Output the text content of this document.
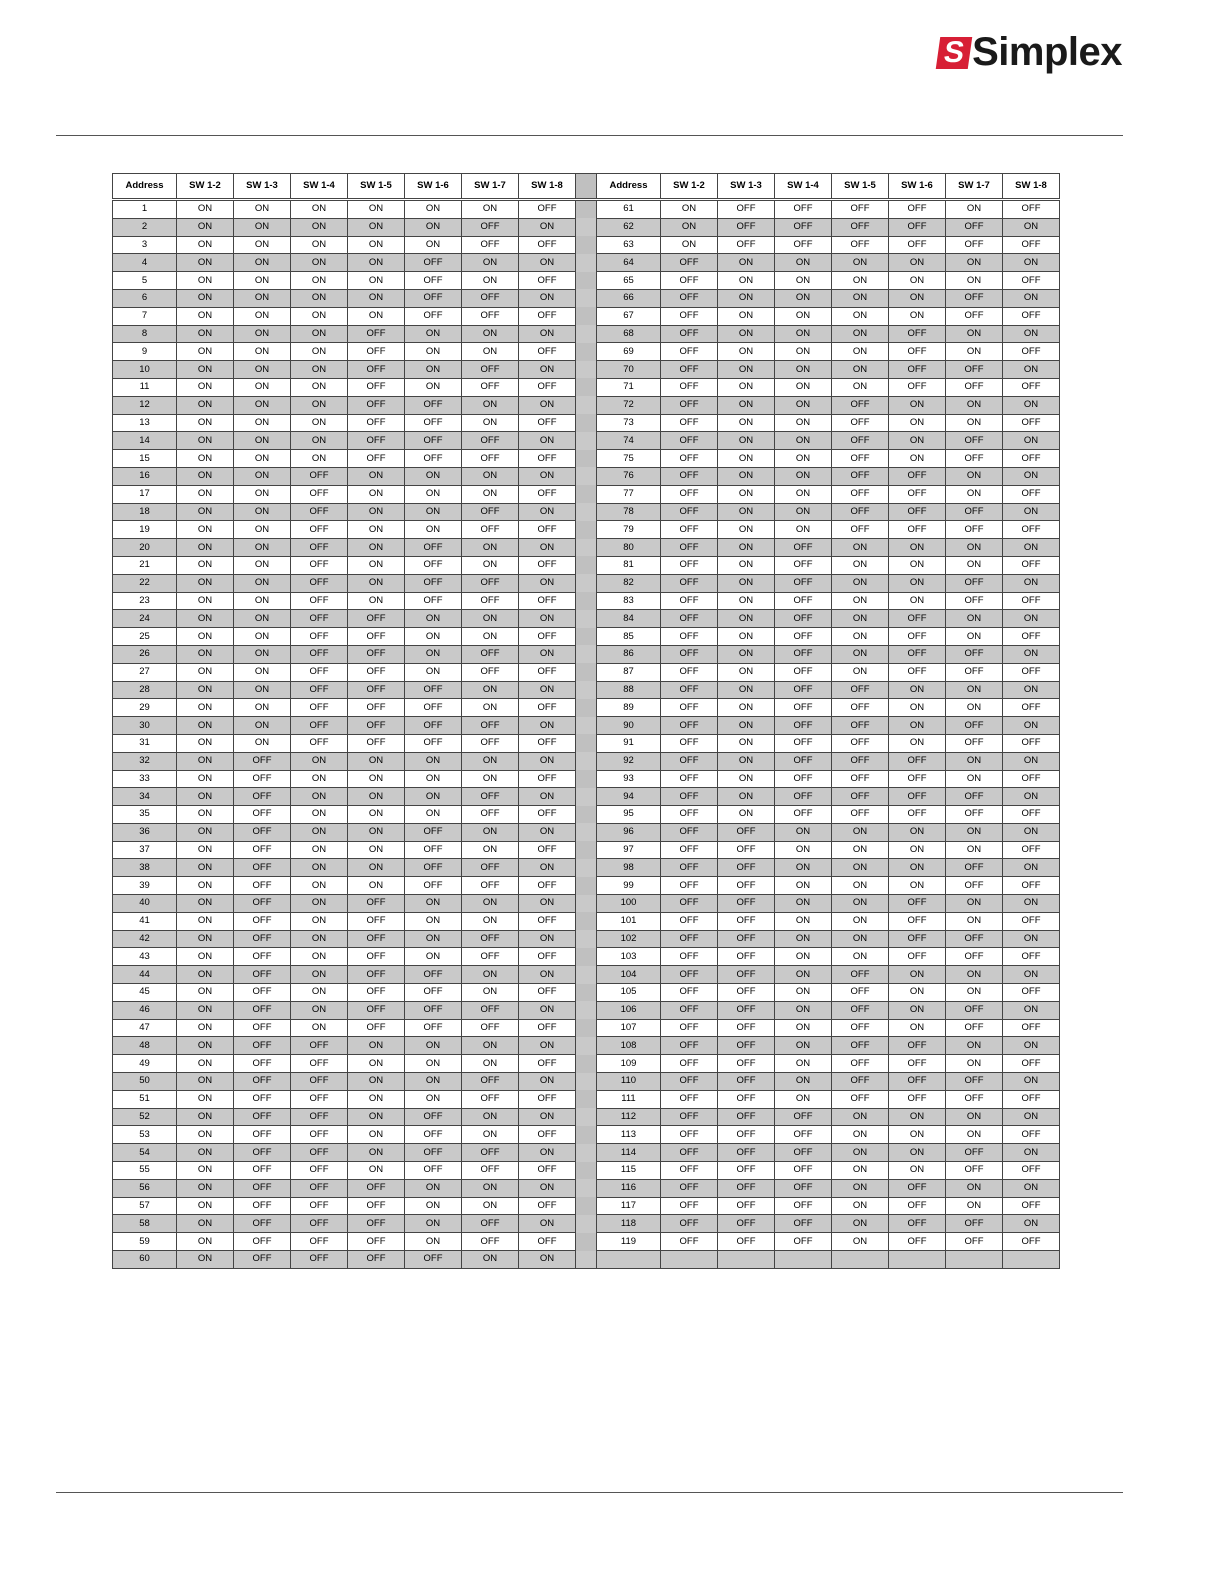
S Simplex
Address	SW 1-2	SW 1-3	SW 1-4	SW 1-5	SW 1-6	SW 1-7	SW 1-8		Address	SW 1-2	SW 1-3	SW 1-4	SW 1-5	SW 1-6	SW 1-7	SW 1-8
1	ON	ON	ON	ON	ON	ON	OFF		61	ON	OFF	OFF	OFF	OFF	ON	OFF
2	ON	ON	ON	ON	ON	OFF	ON		62	ON	OFF	OFF	OFF	OFF	OFF	ON
3	ON	ON	ON	ON	ON	OFF	OFF		63	ON	OFF	OFF	OFF	OFF	OFF	OFF
4	ON	ON	ON	ON	OFF	ON	ON		64	OFF	ON	ON	ON	ON	ON	ON
5	ON	ON	ON	ON	OFF	ON	OFF		65	OFF	ON	ON	ON	ON	ON	OFF
6	ON	ON	ON	ON	OFF	OFF	ON		66	OFF	ON	ON	ON	ON	OFF	ON
7	ON	ON	ON	ON	OFF	OFF	OFF		67	OFF	ON	ON	ON	ON	OFF	OFF
8	ON	ON	ON	OFF	ON	ON	ON		68	OFF	ON	ON	ON	OFF	ON	ON
9	ON	ON	ON	OFF	ON	ON	OFF		69	OFF	ON	ON	ON	OFF	ON	OFF
10	ON	ON	ON	OFF	ON	OFF	ON		70	OFF	ON	ON	ON	OFF	OFF	ON
11	ON	ON	ON	OFF	ON	OFF	OFF		71	OFF	ON	ON	ON	OFF	OFF	OFF
12	ON	ON	ON	OFF	OFF	ON	ON		72	OFF	ON	ON	OFF	ON	ON	ON
13	ON	ON	ON	OFF	OFF	ON	OFF		73	OFF	ON	ON	OFF	ON	ON	OFF
14	ON	ON	ON	OFF	OFF	OFF	ON		74	OFF	ON	ON	OFF	ON	OFF	ON
15	ON	ON	ON	OFF	OFF	OFF	OFF		75	OFF	ON	ON	OFF	ON	OFF	OFF
16	ON	ON	OFF	ON	ON	ON	ON		76	OFF	ON	ON	OFF	OFF	ON	ON
17	ON	ON	OFF	ON	ON	ON	OFF		77	OFF	ON	ON	OFF	OFF	ON	OFF
18	ON	ON	OFF	ON	ON	OFF	ON		78	OFF	ON	ON	OFF	OFF	OFF	ON
19	ON	ON	OFF	ON	ON	OFF	OFF		79	OFF	ON	ON	OFF	OFF	OFF	OFF
20	ON	ON	OFF	ON	OFF	ON	ON		80	OFF	ON	OFF	ON	ON	ON	ON
21	ON	ON	OFF	ON	OFF	ON	OFF		81	OFF	ON	OFF	ON	ON	ON	OFF
22	ON	ON	OFF	ON	OFF	OFF	ON		82	OFF	ON	OFF	ON	ON	OFF	ON
23	ON	ON	OFF	ON	OFF	OFF	OFF		83	OFF	ON	OFF	ON	ON	OFF	OFF
24	ON	ON	OFF	OFF	ON	ON	ON		84	OFF	ON	OFF	ON	OFF	ON	ON
25	ON	ON	OFF	OFF	ON	ON	OFF		85	OFF	ON	OFF	ON	OFF	ON	OFF
26	ON	ON	OFF	OFF	ON	OFF	ON		86	OFF	ON	OFF	ON	OFF	OFF	ON
27	ON	ON	OFF	OFF	ON	OFF	OFF		87	OFF	ON	OFF	ON	OFF	OFF	OFF
28	ON	ON	OFF	OFF	OFF	ON	ON		88	OFF	ON	OFF	OFF	ON	ON	ON
29	ON	ON	OFF	OFF	OFF	ON	OFF		89	OFF	ON	OFF	OFF	ON	ON	OFF
30	ON	ON	OFF	OFF	OFF	OFF	ON		90	OFF	ON	OFF	OFF	ON	OFF	ON
31	ON	ON	OFF	OFF	OFF	OFF	OFF		91	OFF	ON	OFF	OFF	ON	OFF	OFF
32	ON	OFF	ON	ON	ON	ON	ON		92	OFF	ON	OFF	OFF	OFF	ON	ON
33	ON	OFF	ON	ON	ON	ON	OFF		93	OFF	ON	OFF	OFF	OFF	ON	OFF
34	ON	OFF	ON	ON	ON	OFF	ON		94	OFF	ON	OFF	OFF	OFF	OFF	ON
35	ON	OFF	ON	ON	ON	OFF	OFF		95	OFF	ON	OFF	OFF	OFF	OFF	OFF
36	ON	OFF	ON	ON	OFF	ON	ON		96	OFF	OFF	ON	ON	ON	ON	ON
37	ON	OFF	ON	ON	OFF	ON	OFF		97	OFF	OFF	ON	ON	ON	ON	OFF
38	ON	OFF	ON	ON	OFF	OFF	ON		98	OFF	OFF	ON	ON	ON	OFF	ON
39	ON	OFF	ON	ON	OFF	OFF	OFF		99	OFF	OFF	ON	ON	ON	OFF	OFF
40	ON	OFF	ON	OFF	ON	ON	ON		100	OFF	OFF	ON	ON	OFF	ON	ON
41	ON	OFF	ON	OFF	ON	ON	OFF		101	OFF	OFF	ON	ON	OFF	ON	OFF
42	ON	OFF	ON	OFF	ON	OFF	ON		102	OFF	OFF	ON	ON	OFF	OFF	ON
43	ON	OFF	ON	OFF	ON	OFF	OFF		103	OFF	OFF	ON	ON	OFF	OFF	OFF
44	ON	OFF	ON	OFF	OFF	ON	ON		104	OFF	OFF	ON	OFF	ON	ON	ON
45	ON	OFF	ON	OFF	OFF	ON	OFF		105	OFF	OFF	ON	OFF	ON	ON	OFF
46	ON	OFF	ON	OFF	OFF	OFF	ON		106	OFF	OFF	ON	OFF	ON	OFF	ON
47	ON	OFF	ON	OFF	OFF	OFF	OFF		107	OFF	OFF	ON	OFF	ON	OFF	OFF
48	ON	OFF	OFF	ON	ON	ON	ON		108	OFF	OFF	ON	OFF	OFF	ON	ON
49	ON	OFF	OFF	ON	ON	ON	OFF		109	OFF	OFF	ON	OFF	OFF	ON	OFF
50	ON	OFF	OFF	ON	ON	OFF	ON		110	OFF	OFF	ON	OFF	OFF	OFF	ON
51	ON	OFF	OFF	ON	ON	OFF	OFF		111	OFF	OFF	ON	OFF	OFF	OFF	OFF
52	ON	OFF	OFF	ON	OFF	ON	ON		112	OFF	OFF	OFF	ON	ON	ON	ON
53	ON	OFF	OFF	ON	OFF	ON	OFF		113	OFF	OFF	OFF	ON	ON	ON	OFF
54	ON	OFF	OFF	ON	OFF	OFF	ON		114	OFF	OFF	OFF	ON	ON	OFF	ON
55	ON	OFF	OFF	ON	OFF	OFF	OFF		115	OFF	OFF	OFF	ON	ON	OFF	OFF
56	ON	OFF	OFF	OFF	ON	ON	ON		116	OFF	OFF	OFF	ON	OFF	ON	ON
57	ON	OFF	OFF	OFF	ON	ON	OFF		117	OFF	OFF	OFF	ON	OFF	ON	OFF
58	ON	OFF	OFF	OFF	ON	OFF	ON		118	OFF	OFF	OFF	ON	OFF	OFF	ON
59	ON	OFF	OFF	OFF	ON	OFF	OFF		119	OFF	OFF	OFF	ON	OFF	OFF	OFF
60	ON	OFF	OFF	OFF	OFF	ON	ON									
